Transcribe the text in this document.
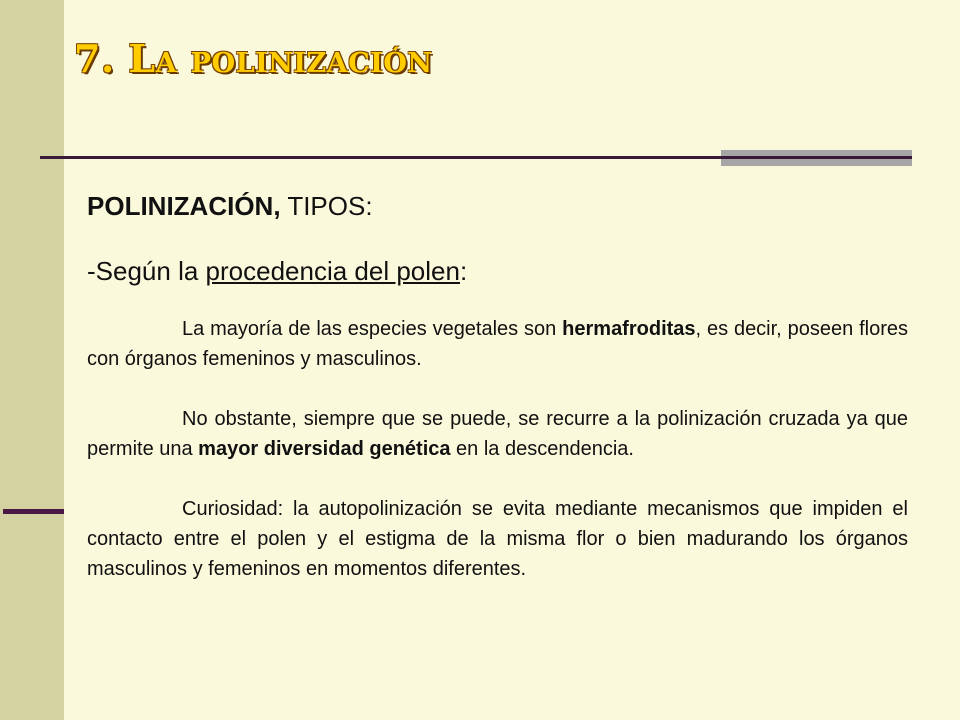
7. La polinización

POLINIZACIÓN, TIPOS:

-Según la procedencia del polen:

La mayoría de las especies vegetales son hermafroditas, es decir, poseen flores con órganos femeninos y masculinos.

No obstante, siempre que se puede, se recurre a la polinización cruzada ya que permite una mayor diversidad genética en la descendencia.

Curiosidad: la autopolinización se evita mediante mecanismos que impiden el contacto entre el polen y el estigma de la misma flor o bien madurando los órganos masculinos y femeninos en momentos diferentes.
